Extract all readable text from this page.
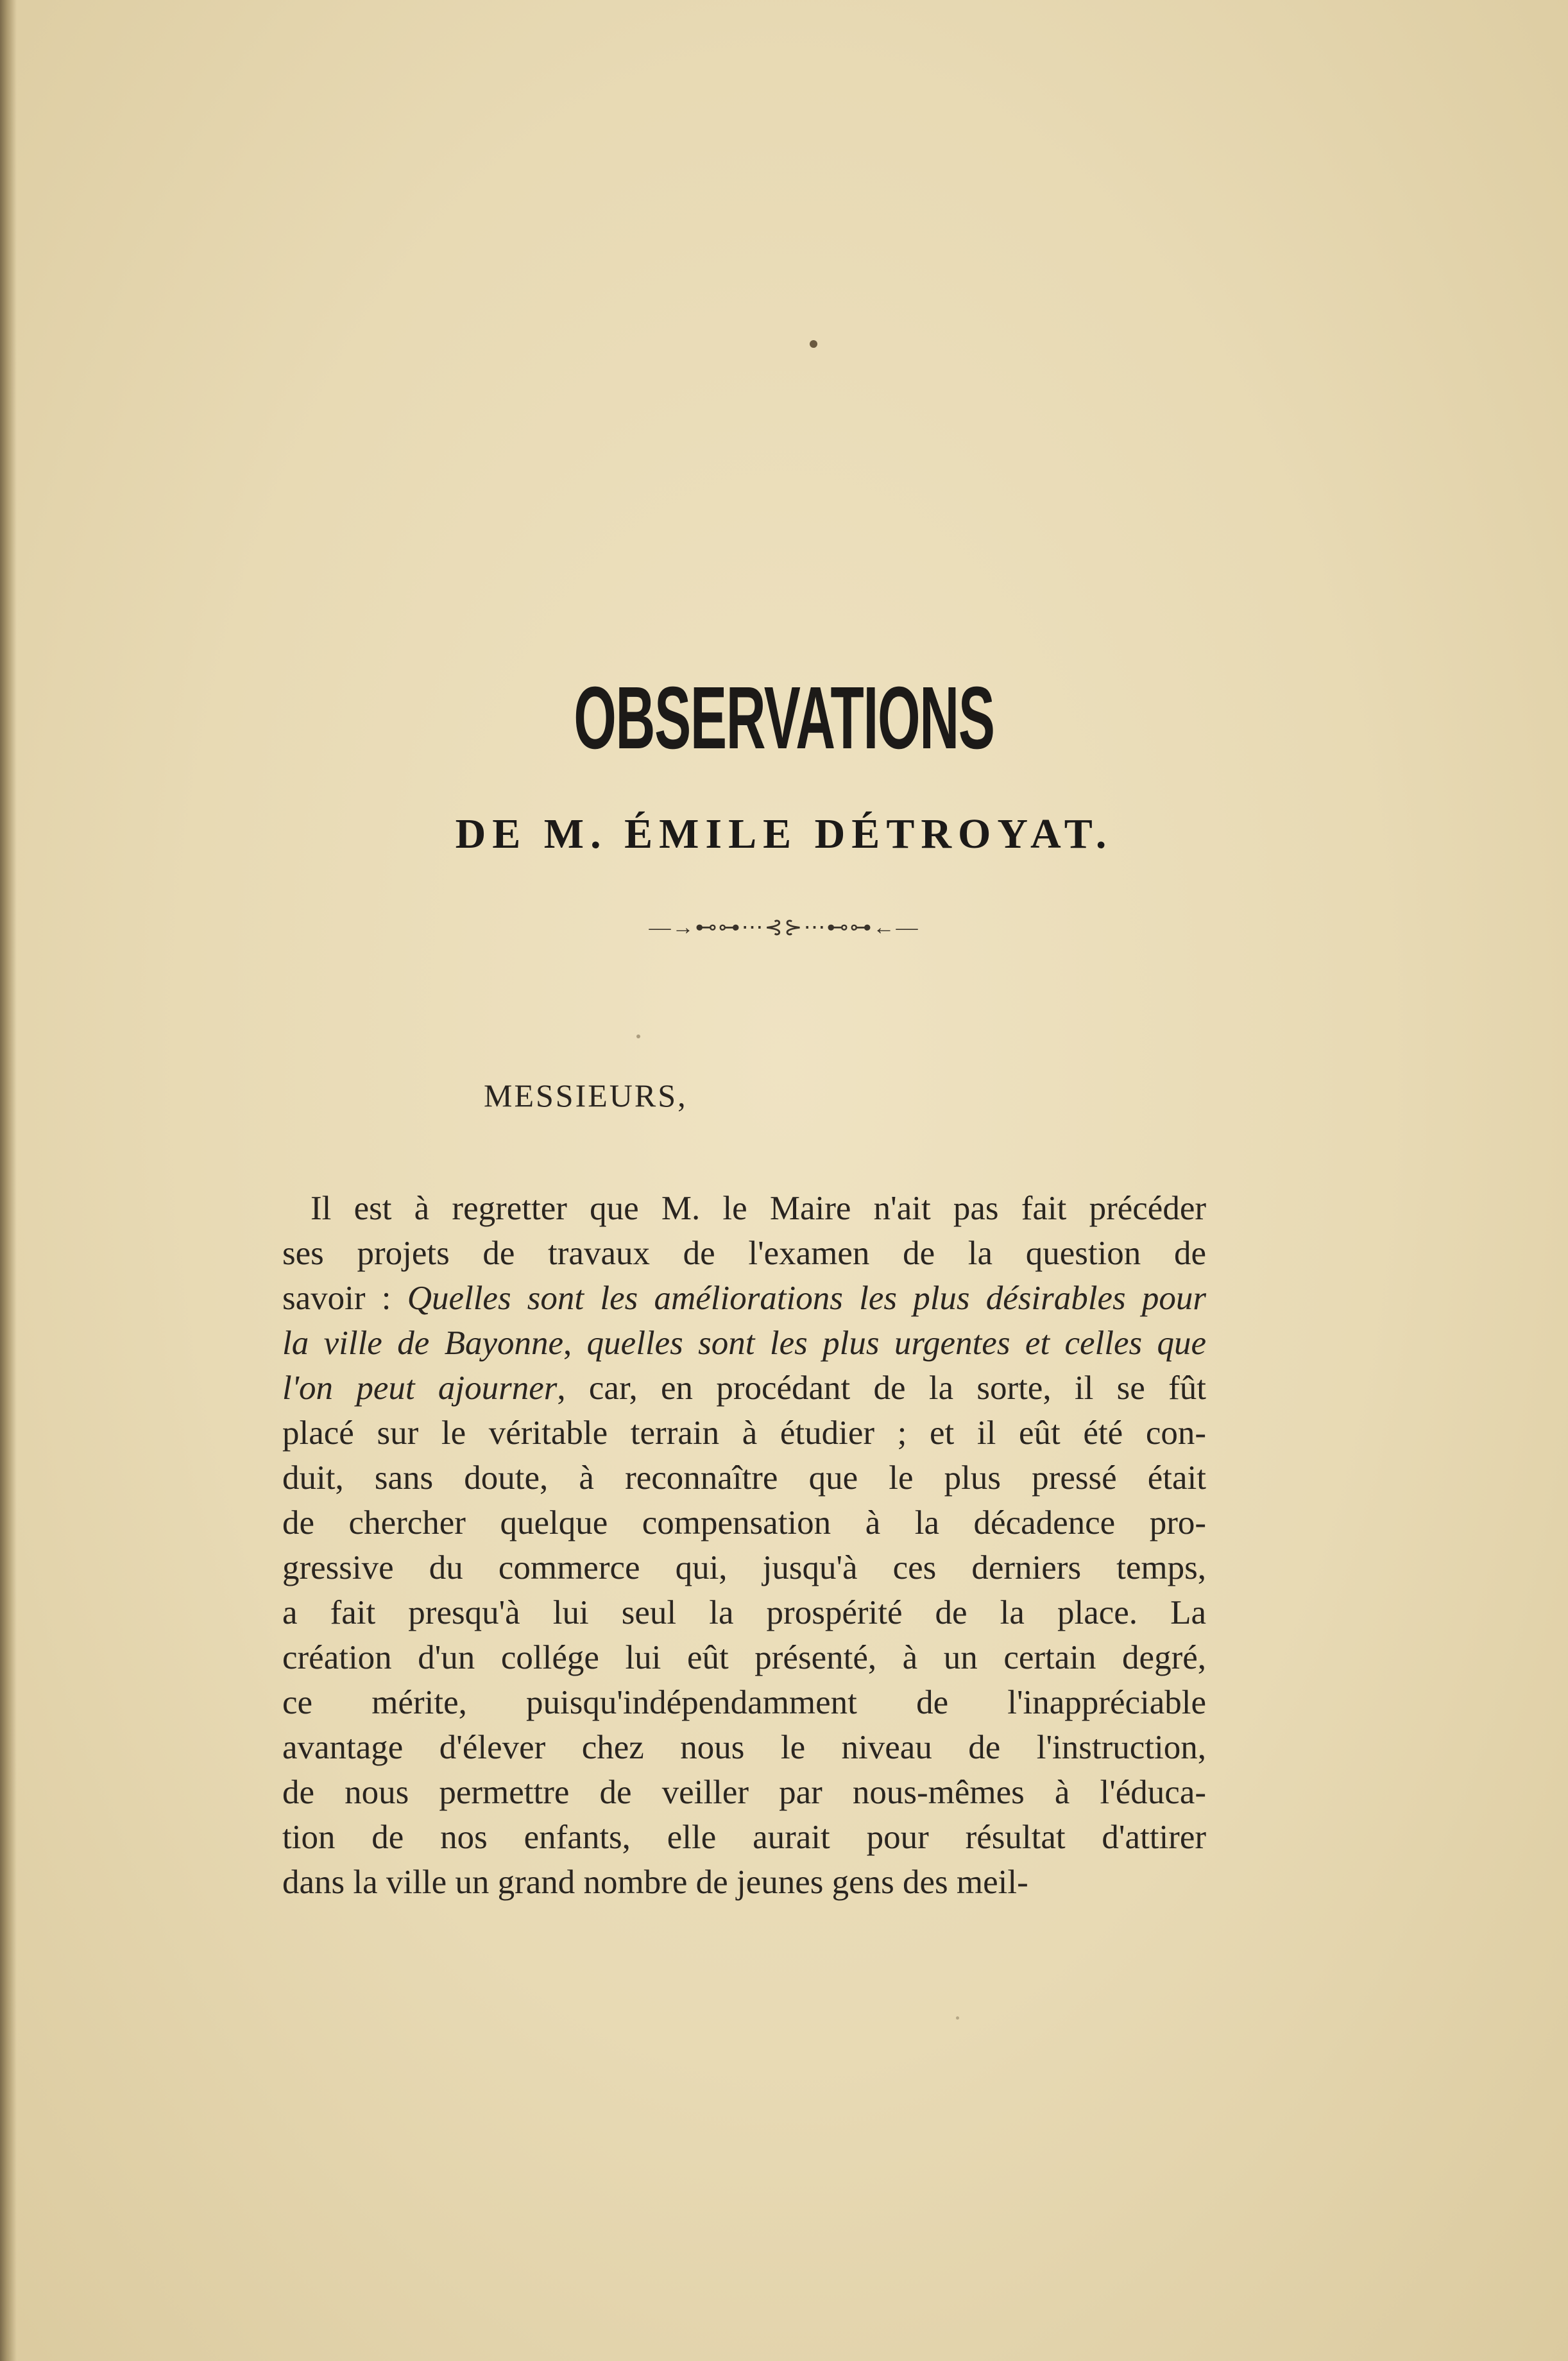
OBSERVATIONS
DE M. ÉMILE DÉTROYAT.
—→⊷⊶⋯⊰⊱⋯⊷⊶←—
MESSIEURS,
Il est à regretter que M. le Maire n'ait pas fait précéder
ses projets de travaux de l'examen de la question de
savoir : Quelles sont les améliorations les plus désirables pour
la ville de Bayonne, quelles sont les plus urgentes et celles que
l'on peut ajourner, car, en procédant de la sorte, il se fût
placé sur le véritable terrain à étudier ; et il eût été con-
duit, sans doute, à reconnaître que le plus pressé était
de chercher quelque compensation à la décadence pro-
gressive du commerce qui, jusqu'à ces derniers temps,
a fait presqu'à lui seul la prospérité de la place. La
création d'un collége lui eût présenté, à un certain degré,
ce mérite, puisqu'indépendamment de l'inappréciable
avantage d'élever chez nous le niveau de l'instruction,
de nous permettre de veiller par nous-mêmes à l'éduca-
tion de nos enfants, elle aurait pour résultat d'attirer
dans la ville un grand nombre de jeunes gens des meil-
